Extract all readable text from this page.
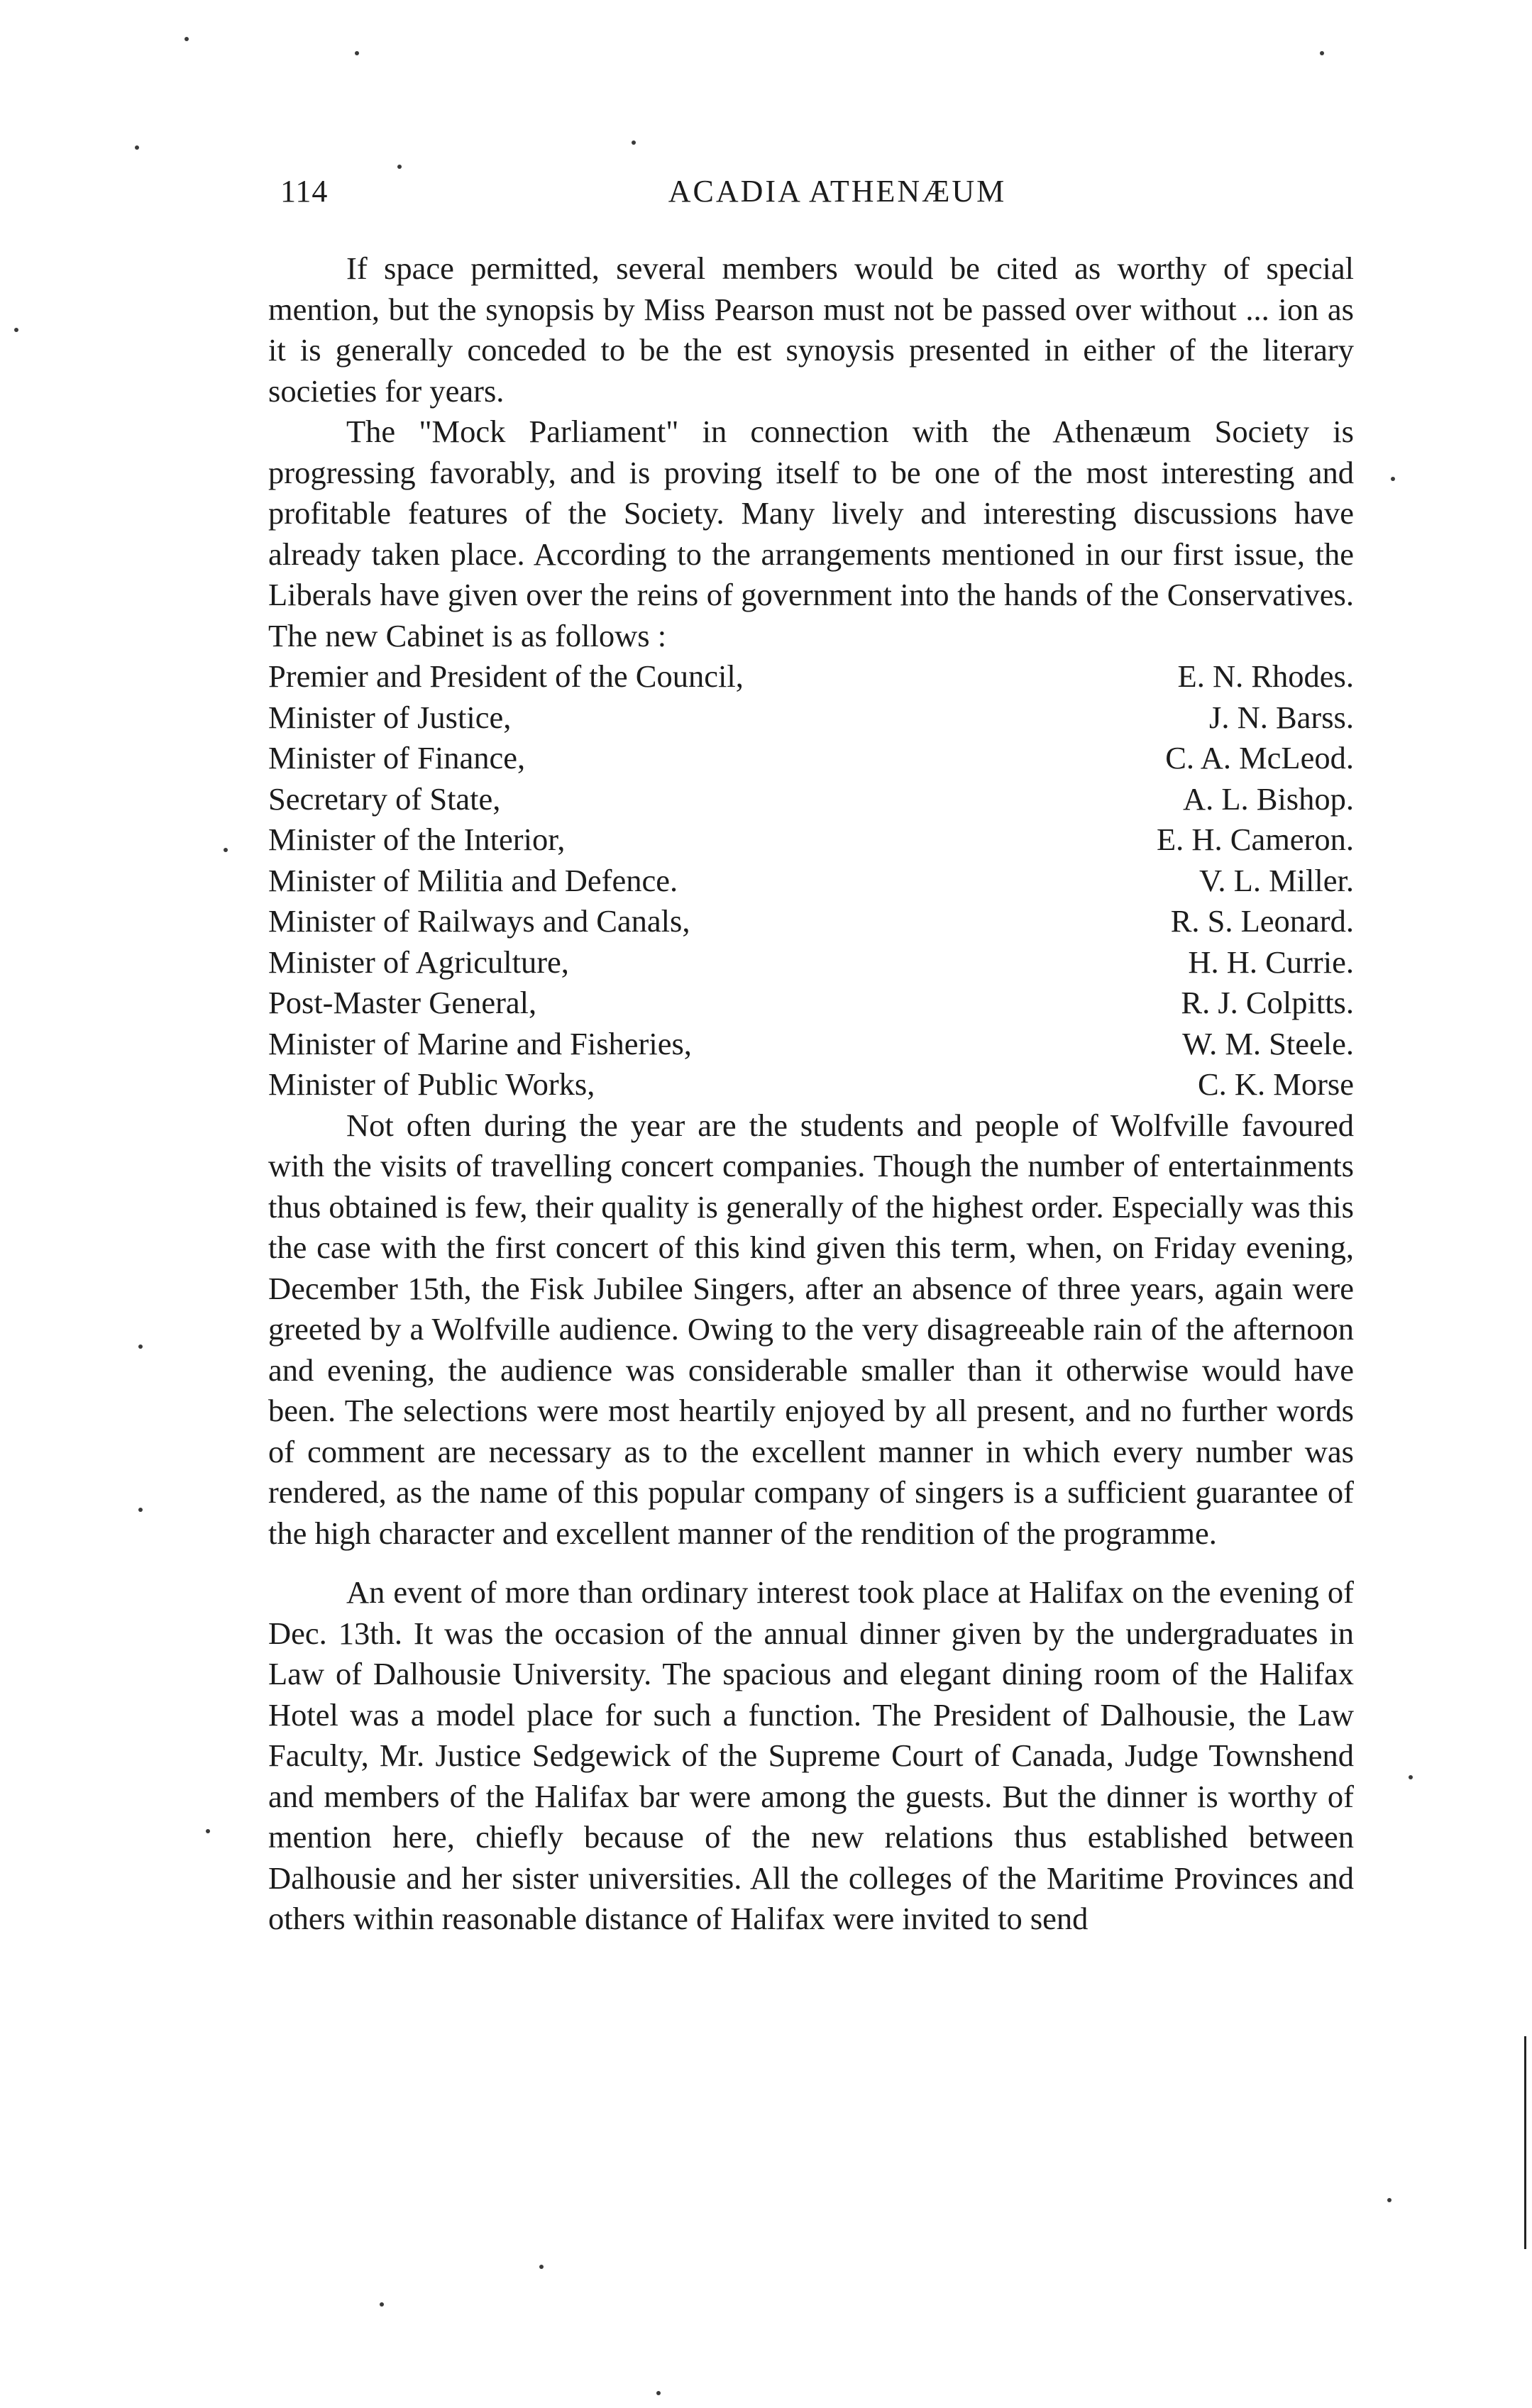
114	ACADIA ATHENÆUM

If space permitted, several members would be cited as worthy of special mention, but the synopsis by Miss Pearson must not be passed over without ... ion as it is generally conceded to be the est synoysis presented in either of the literary societies for years.

The "Mock Parliament" in connection with the Athenæum Society is progressing favorably, and is proving itself to be one of the most interesting and profitable features of the Society. Many lively and interesting discussions have already taken place. According to the arrangements mentioned in our first issue, the Liberals have given over the reins of government into the hands of the Conservatives. The new Cabinet is as follows :

Premier and President of the Council,	E. N. Rhodes.
Minister of Justice,	J. N. Barss.
Minister of Finance,	C. A. McLeod.
Secretary of State,	A. L. Bishop.
Minister of the Interior,	E. H. Cameron.
Minister of Militia and Defence.	V. L. Miller.
Minister of Railways and Canals,	R. S. Leonard.
Minister of Agriculture,	H. H. Currie.
Post-Master General,	R. J. Colpitts.
Minister of Marine and Fisheries,	W. M. Steele.
Minister of Public Works,	C. K. Morse

Not often during the year are the students and people of Wolfville favoured with the visits of travelling concert companies. Though the number of entertainments thus obtained is few, their quality is generally of the highest order. Especially was this the case with the first concert of this kind given this term, when, on Friday evening, December 15th, the Fisk Jubilee Singers, after an absence of three years, again were greeted by a Wolfville audience. Owing to the very disagreeable rain of the afternoon and evening, the audience was considerable smaller than it otherwise would have been. The selections were most heartily enjoyed by all present, and no further words of comment are necessary as to the excellent manner in which every number was rendered, as the name of this popular company of singers is a sufficient guarantee of the high character and excellent manner of the rendition of the programme.

An event of more than ordinary interest took place at Halifax on the evening of Dec. 13th. It was the occasion of the annual dinner given by the undergraduates in Law of Dalhousie University. The spacious and elegant dining room of the Halifax Hotel was a model place for such a function. The President of Dalhousie, the Law Faculty, Mr. Justice Sedgewick of the Supreme Court of Canada, Judge Townshend and members of the Halifax bar were among the guests. But the dinner is worthy of mention here, chiefly because of the new relations thus established between Dalhousie and her sister universities. All the colleges of the Maritime Provinces and others within reasonable distance of Halifax were invited to send
